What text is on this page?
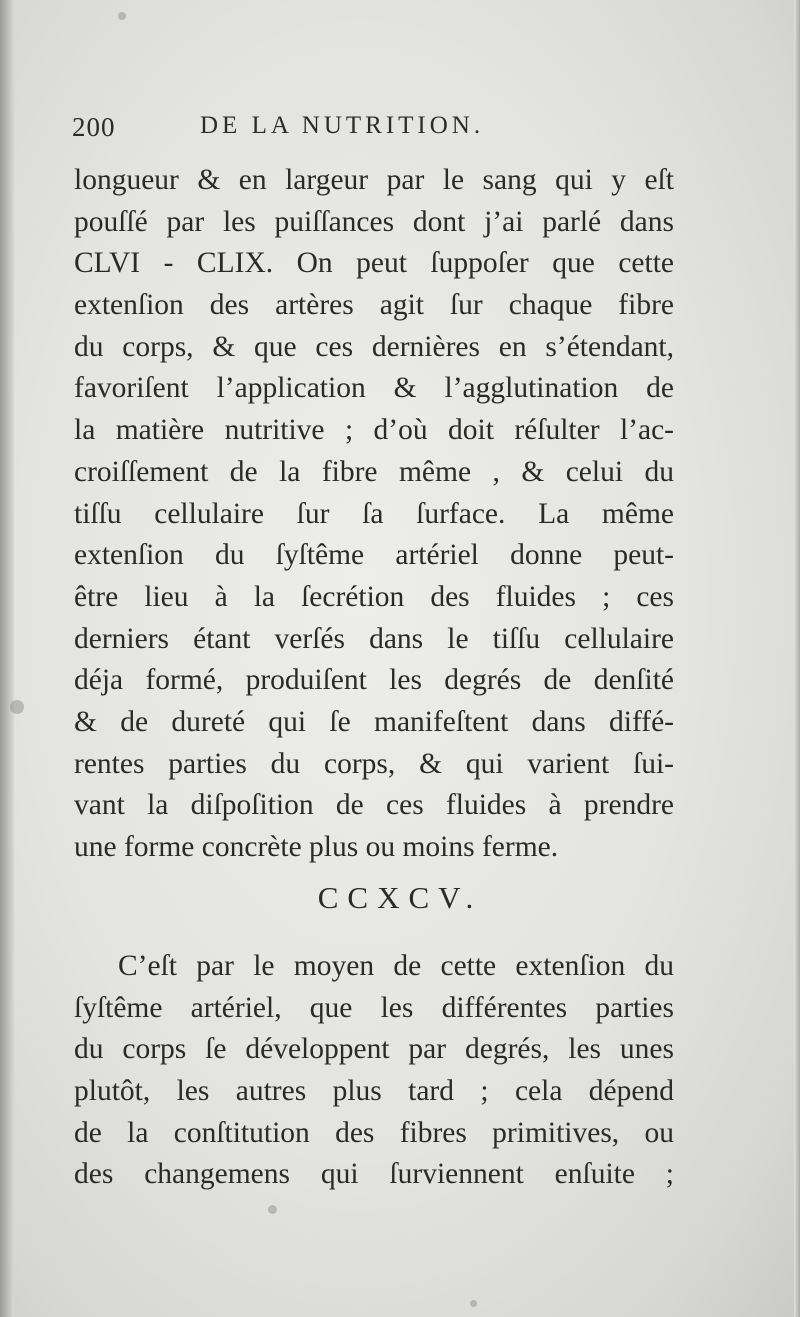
200	DE LA NUTRITION.
longueur & en largeur par le sang qui y eſt
pouſſé par les puiſſances dont j’ai parlé dans
CLVI - CLIX. On peut ſuppoſer que cette
extenſion des artères agit ſur chaque fibre
du corps, & que ces dernières en s’étendant,
favoriſent l’application & l’agglutination de
la matière nutritive ; d’où doit réſulter l’ac-
croiſſement de la fibre même , & celui du
tiſſu cellulaire ſur ſa ſurface. La même
extenſion du ſyſtême artériel donne peut-
être lieu à la ſecrétion des fluides ; ces
derniers étant verſés dans le tiſſu cellulaire
déja formé, produiſent les degrés de denſité
& de dureté qui ſe manifeſtent dans diffé-
rentes parties du corps, & qui varient ſui-
vant la diſpoſition de ces fluides à prendre
une forme concrète plus ou moins ferme.
CCXCV.
C’eſt par le moyen de cette extenſion du
ſyſtême artériel, que les différentes parties
du corps ſe développent par degrés, les unes
plutôt, les autres plus tard ; cela dépend
de la conſtitution des fibres primitives, ou
des changemens qui ſurviennent enſuite ;
